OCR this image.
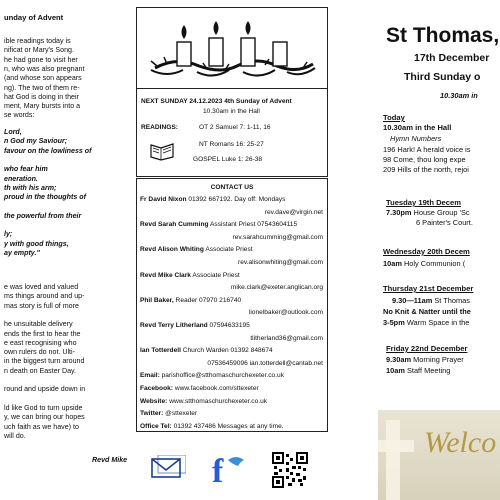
unday of Advent
ible readings today is
nificat or Mary's Song.
he had gone to visit her
n, who was also pregnant
(and whose son appears
ng). The two of them re-
hat God is doing in their
ment, Mary bursts into a
se words:
Lord,
n God my Saviour;
favour on the lowliness of
who fear him
eneration.
th with his arm;
proud in the thoughts of
the powerful from their
ly;
y with good things,
ay empty."
e was loved and valued
ms things around and up-
mas story is full of more
he unsuitable delivery
ends the first to hear the
e east recognising who
own rulers do not. Ulti-
in the biggest turn around
n death on Easter Day.
round and upside down in
ld like God to turn upside
y, we can bring our hopes
uch faith as we have) to
will do.
Revd Mike
NEXT SUNDAY 24.12.2023 4th Sunday of Advent
10.30am in the Hall
READINGS:	OT 2 Samuel 7: 1-11, 16
NT Romans 16: 25-27
GOSPEL Luke 1: 26-38
CONTACT US
Fr David Nixon 01392 667192. Day off: Mondays
rev.dave@virgin.net
Revd Sarah Cumming Assistant Priest 07543604115
rev.sarahcumming@gmail.com
Revd Alison Whiting Associate Priest
rev.alisonwhiting@gmail.com
Revd Mike Clark Associate Priest
mike.clark@exeter.anglican.org
Phil Baker, Reader 07970 216740
lionelbaker@outlook.com
Revd Terry Litherland 07594633195
tlitherland36@gmail.com
Ian Totterdell Church Warden 01392 848674
07536459096 ian.totterdell@cantab.net
Email: parishoffice@stthomaschurchexeter.co.uk
Facebook: www.facebook.com/sttexeter
Website: www.stthomaschurchexeter.co.uk
Twitter: @sttexeter
Office Tel: 01392 437486 Messages at any time.
f
St Thomas,
17th December
Third Sunday o
10.30am in
Today
10.30am in the Hall
Hymn Numbers
196 Hark! A herald voice is
98 Come, thou long expe
209 Hills of the north, rejoi
Tuesday 19th Decem
7.30pm House Group 'Sc
6 Painter's Court.
Wednesday 20th Decem
10am Holy Communion (
Thursday 21st December
9.30—11am St Thomas
No Knit & Natter until the
3-5pm Warm Space in the
Friday 22nd December
9.30am Morning Prayer
10am Staff Meeting
Welco
